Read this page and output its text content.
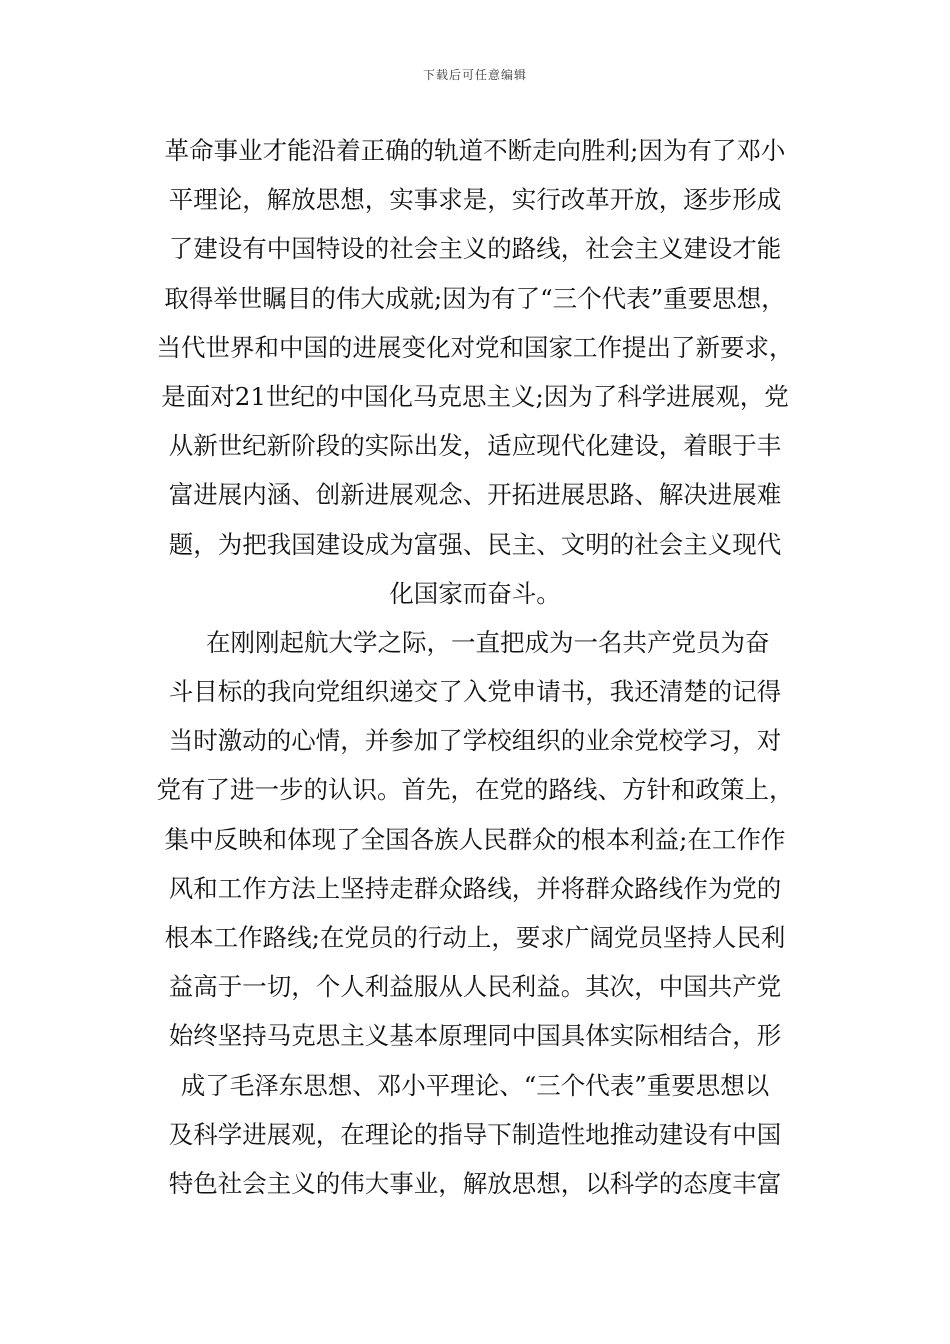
下载后可任意编辑
革命事业才能沿着正确的轨道不断走向胜利;因为有了邓小
平理论，解放思想，实事求是，实行改革开放，逐步形成
了建设有中国特设的社会主义的路线，社会主义建设才能
取得举世瞩目的伟大成就;因为有了“三个代表”重要思想，
当代世界和中国的进展变化对党和国家工作提出了新要求，
是面对21世纪的中国化马克思主义;因为了科学进展观，党
从新世纪新阶段的实际出发，适应现代化建设，着眼于丰
富进展内涵、创新进展观念、开拓进展思路、解决进展难
题，为把我国建设成为富强、民主、文明的社会主义现代
化国家而奋斗。
在刚刚起航大学之际，一直把成为一名共产党员为奋
斗目标的我向党组织递交了入党申请书，我还清楚的记得
当时激动的心情，并参加了学校组织的业余党校学习，对
党有了进一步的认识。首先，在党的路线、方针和政策上，
集中反映和体现了全国各族人民群众的根本利益;在工作作
风和工作方法上坚持走群众路线，并将群众路线作为党的
根本工作路线;在党员的行动上，要求广阔党员坚持人民利
益高于一切，个人利益服从人民利益。其次，中国共产党
始终坚持马克思主义基本原理同中国具体实际相结合，形
成了毛泽东思想、邓小平理论、“三个代表”重要思想以
及科学进展观，在理论的指导下制造性地推动建设有中国
特色社会主义的伟大事业，解放思想，以科学的态度丰富
